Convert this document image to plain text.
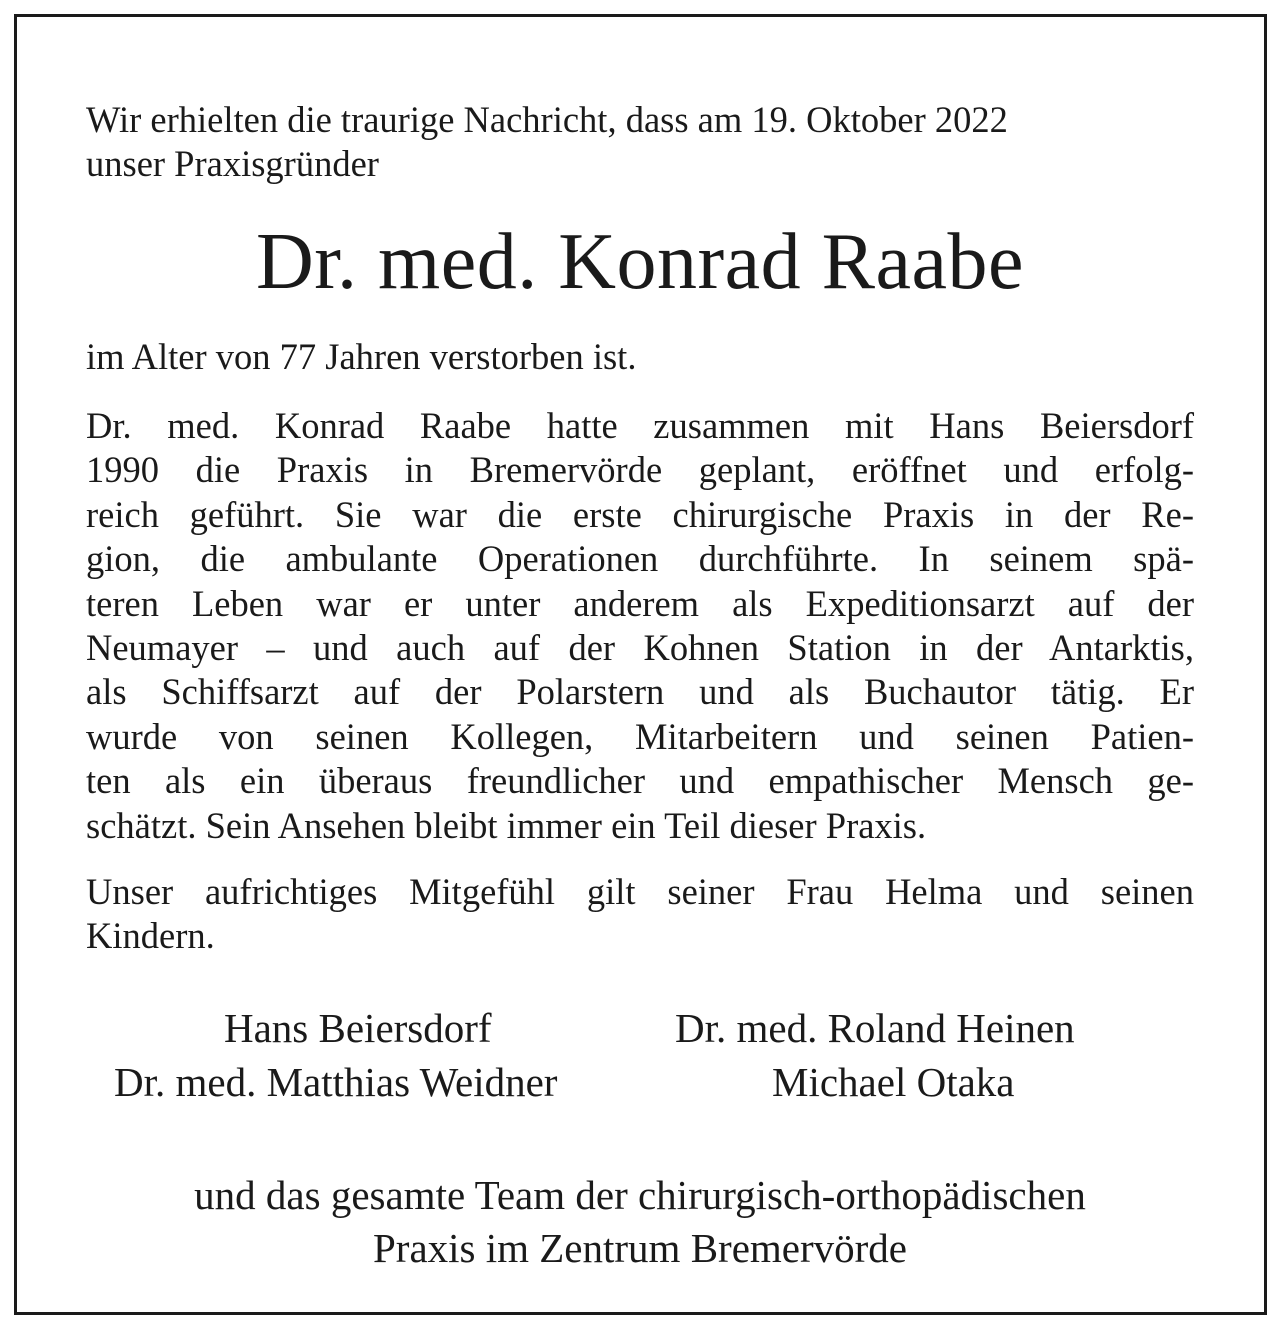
Wir erhielten die traurige Nachricht, dass am 19. Oktober 2022

unser Praxisgründer

Dr. med. Konrad Raabe

im Alter von 77 Jahren verstorben ist.

Dr. med. Konrad Raabe hatte zusammen mit Hans Beiersdorf
1990 die Praxis in Bremervörde geplant, eröffnet und erfolg-
reich geführt. Sie war die erste chirurgische Praxis in der Re-
gion, die ambulante Operationen durchführte. In seinem spä-
teren Leben war er unter anderem als Expeditionsarzt auf der
Neumayer – und auch auf der Kohnen Station in der Antarktis,
als Schiffsarzt auf der Polarstern und als Buchautor tätig. Er
wurde von seinen Kollegen, Mitarbeitern und seinen Patien-
ten als ein überaus freundlicher und empathischer Mensch ge-
schätzt. Sein Ansehen bleibt immer ein Teil dieser Praxis.
Unser aufrichtiges Mitgefühl gilt seiner Frau Helma und seinen
Kindern.
Hans Beiersdorf	Dr. med. Roland Heinen
Dr. med. Matthias Weidner	Michael Otaka

und das gesamte Team der chirurgisch-orthopädischen

Praxis im Zentrum Bremervörde
